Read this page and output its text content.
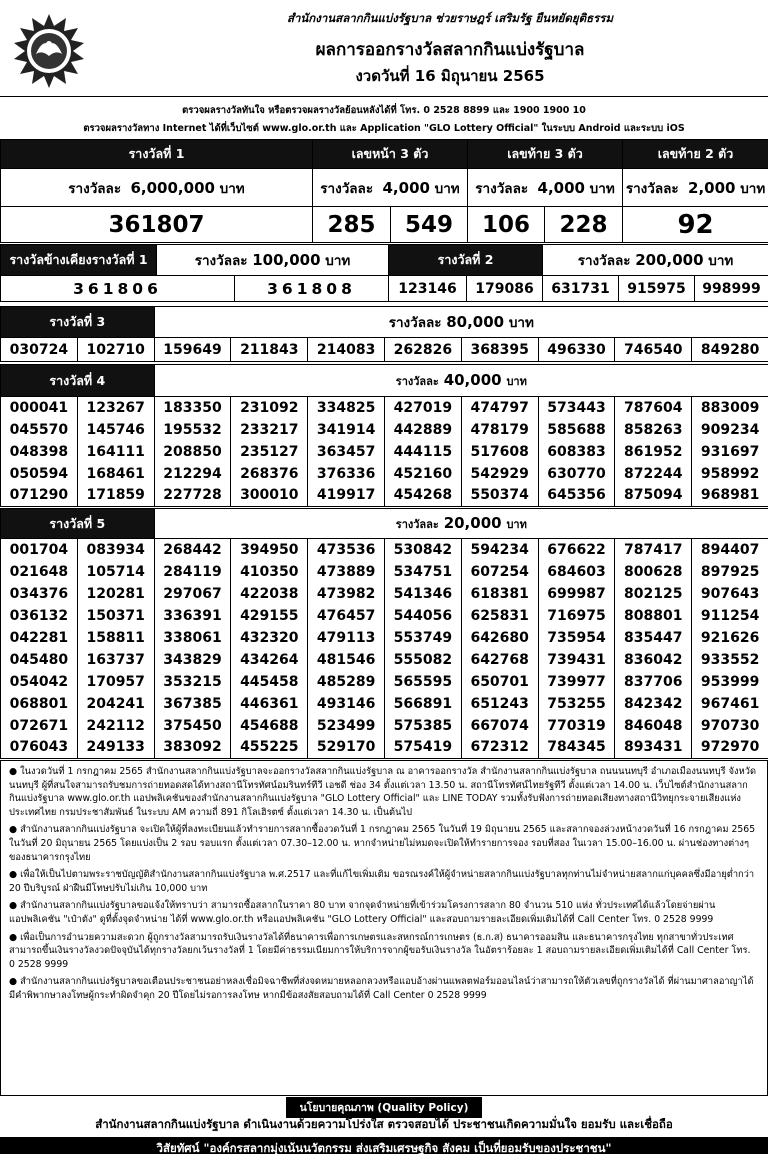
สำนักงานสลากกินแบ่งรัฐบาล ช่วยราษฎร์ เสริมรัฐ ยืนหยัดยุติธรรม
ผลการออกรางวัลสลากกินแบ่งรัฐบาล
งวดวันที่ 16 มิถุนายน 2565
ตรวจผลรางวัลทันใจ หรือตรวจผลรางวัลย้อนหลังได้ที่ โทร. 0 2528 8899 และ 1900 1900 10
ตรวจผลรางวัลทาง Internet ได้ที่เว็บไซต์ www.glo.or.th และ Application "GLO Lottery Official" ในระบบ Android และระบบ iOS
รางวัลที่ 1	เลขหน้า 3 ตัว		เลขท้าย 3 ตัว		เลขท้าย 2 ตัว
รางวัลละ 6,000,000 บาท	รางวัลละ 4,000 บาท		รางวัลละ 4,000 บาท		รางวัลละ 2,000 บาท
361807	285	549	106	228	92
รางวัลข้างเคียงรางวัลที่ 1	รางวัลละ 100,000 บาท		รางวัลที่ 2		รางวัลละ 200,000 บาท		
361806		361808	123146	179086	631731	915975	998999
รางวัลที่ 3		รางวัลละ 80,000 บาท							
030724	102710	159649	211843	214083	262826	368395	496330	746540	849280
รางวัลที่ 4		รางวัลละ 40,000 บาท							
000041	123267	183350	231092	334825	427019	474797	573443	787604	883009
045570	145746	195532	233217	341914	442889	478179	585688	858263	909234
048398	164111	208850	235127	363457	444115	517608	608383	861952	931697
050594	168461	212294	268376	376336	452160	542929	630770	872244	958992
071290	171859	227728	300010	419917	454268	550374	645356	875094	968981
รางวัลที่ 5		รางวัลละ 20,000 บาท							
001704	083934	268442	394950	473536	530842	594234	676622	787417	894407
021648	105714	284119	410350	473889	534751	607254	684603	800628	897925
034376	120281	297067	422038	473982	541346	618381	699987	802125	907643
036132	150371	336391	429155	476457	544056	625831	716975	808801	911254
042281	158811	338061	432320	479113	553749	642680	735954	835447	921626
045480	163737	343829	434264	481546	555082	642768	739431	836042	933552
054042	170957	353215	445458	485289	565595	650701	739977	837706	953999
068801	204241	367385	446361	493146	566891	651243	753255	842342	967461
072671	242112	375450	454688	523499	575385	667074	770319	846048	970730
076043	249133	383092	455225	529170	575419	672312	784345	893431	972970
● ในงวดวันที่ 1 กรกฎาคม 2565 สำนักงานสลากกินแบ่งรัฐบาลจะออกรางวัลสลากกินแบ่งรัฐบาล ณ อาคารออกรางวัล สำนักงานสลากกินแบ่งรัฐบาล ถนนนนทบุรี อำเภอเมืองนนทบุรี จังหวัดนนทบุรี ผู้ที่สนใจสามารถรับชมการถ่ายทอดสดได้ทางสถานีโทรทัศน์อมรินทร์ทีวี เอชดี ช่อง 34 ตั้งแต่เวลา 13.50 น. สถานีโทรทัศน์ไทยรัฐทีวี ตั้งแต่เวลา 14.00 น. เว็บไซต์สำนักงานสลากกินแบ่งรัฐบาล www.glo.or.th แอปพลิเคชันของสำนักงานสลากกินแบ่งรัฐบาล "GLO Lottery Official" และ LINE TODAY รวมทั้งรับฟังการถ่ายทอดเสียงทางสถานีวิทยุกระจายเสียงแห่งประเทศไทย กรมประชาสัมพันธ์ ในระบบ AM ความถี่ 891 กิโลเฮิรตซ์ ตั้งแต่เวลา 14.30 น. เป็นต้นไป
● สำนักงานสลากกินแบ่งรัฐบาล จะเปิดให้ผู้ที่ลงทะเบียนแล้วทำรายการสลากซื้องวดวันที่ 1 กรกฎาคม 2565 ในวันที่ 19 มิถุนายน 2565 และสลากจองล่วงหน้างวดวันที่ 16 กรกฎาคม 2565 ในวันที่ 20 มิถุนายน 2565 โดยแบ่งเป็น 2 รอบ รอบแรก ตั้งแต่เวลา 07.30–12.00 น. หากจำหน่ายไม่หมดจะเปิดให้ทำรายการจอง รอบที่สอง ในเวลา 15.00–16.00 น. ผ่านช่องทางต่างๆ ของธนาคารกรุงไทย
● เพื่อให้เป็นไปตามพระราชบัญญัติสำนักงานสลากกินแบ่งรัฐบาล พ.ศ.2517 และที่แก้ไขเพิ่มเติม ขอรณรงค์ให้ผู้จำหน่ายสลากกินแบ่งรัฐบาลทุกท่านไม่จำหน่ายสลากแก่บุคคลซึ่งมีอายุต่ำกว่า 20 ปีบริบูรณ์ ฝ่าฝืนมีโทษปรับไม่เกิน 10,000 บาท
● สำนักงานสลากกินแบ่งรัฐบาลขอแจ้งให้ทราบว่า สามารถซื้อสลากในราคา 80 บาท จากจุดจำหน่ายที่เข้าร่วมโครงการสลาก 80 จำนวน 510 แห่ง ทั่วประเทศได้แล้วโดยจ่ายผ่านแอปพลิเคชัน "เป๋าตัง" ดูที่ตั้งจุดจำหน่าย ได้ที่ www.glo.or.th หรือแอปพลิเคชัน "GLO Lottery Official" และสอบถามรายละเอียดเพิ่มเติมได้ที่ Call Center โทร. 0 2528 9999
● เพื่อเป็นการอำนวยความสะดวก ผู้ถูกรางวัลสามารถรับเงินรางวัลได้ที่ธนาคารเพื่อการเกษตรและสหกรณ์การเกษตร (ธ.ก.ส) ธนาคารออมสิน และธนาคารกรุงไทย ทุกสาขาทั่วประเทศ สามารถขึ้นเงินรางวัลงวดปัจจุบันได้ทุกรางวัลยกเว้นรางวัลที่ 1 โดยมีค่าธรรมเนียมการให้บริการจากผู้ขอรับเงินรางวัล ในอัตราร้อยละ 1 สอบถามรายละเอียดเพิ่มเติมได้ที่ Call Center โทร. 0 2528 9999
● สำนักงานสลากกินแบ่งรัฐบาลขอเตือนประชาชนอย่าหลงเชื่อมิจฉาชีพที่ส่งจดหมายหลอกลวงหรือแอบอ้างผ่านแพลตฟอร์มออนไลน์ว่าสามารถให้ตัวเลขที่ถูกรางวัลได้ ที่ผ่านมาศาลอาญาได้มีคำพิพากษาลงโทษผู้กระทำผิดจำคุก 20 ปีโดยไม่รอการลงโทษ หากมีข้อสงสัยสอบถามได้ที่ Call Center 0 2528 9999
นโยบายคุณภาพ (Quality Policy)
สำนักงานสลากกินแบ่งรัฐบาล ดำเนินงานด้วยความโปร่งใส ตรวจสอบได้ ประชาชนเกิดความมั่นใจ ยอมรับ และเชื่อถือ
วิสัยทัศน์ "องค์กรสลากมุ่งเน้นนวัตกรรม ส่งเสริมเศรษฐกิจ สังคม เป็นที่ยอมรับของประชาชน"
